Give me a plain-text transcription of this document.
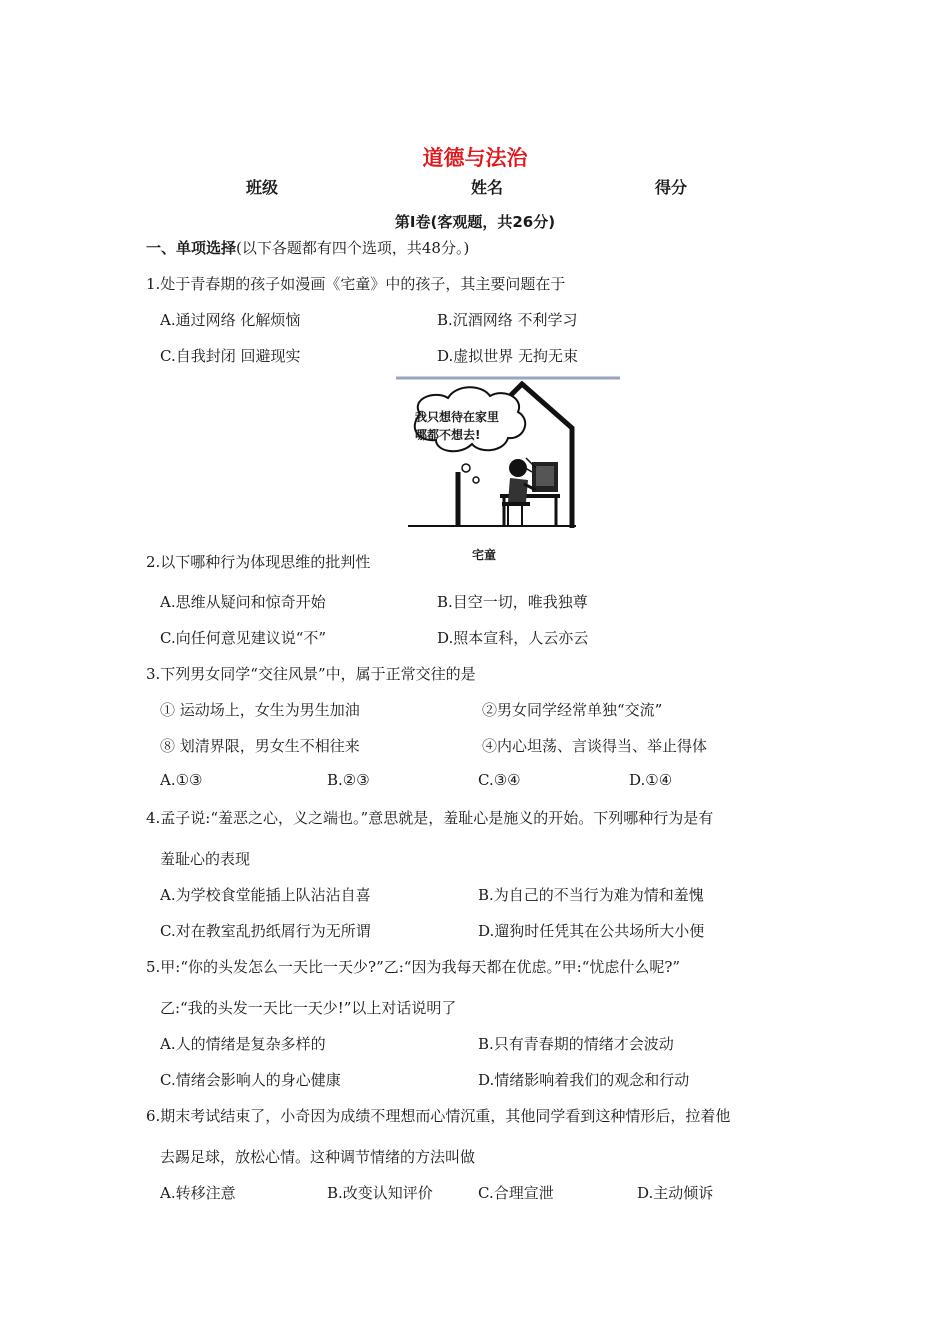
道德与法治
班级	姓名	得分
第Ⅰ卷(客观题，共26分)
一、单项选择(以下各题都有四个选项，共48分。)
1.处于青春期的孩子如漫画《宅童》中的孩子，其主要问题在于
A.通过网络 化解烦恼	B.沉酒网络 不利学习
C.自我封闭 回避现实	D.虚拟世界 无拘无束
我只想待在家里
哪都不想去!
宅童
2.以下哪种行为体现思维的批判性
A.思维从疑问和惊奇开始	B.目空一切，唯我独尊
C.向任何意见建议说“不”	D.照本宣科，人云亦云
3.下列男女同学“交往风景”中，属于正常交往的是
① 运动场上，女生为男生加油	②男女同学经常单独“交流”
⑧ 划清界限，男女生不相往来	④内心坦荡、言谈得当、举止得体
A.①③	B.②③	C.③④	D.①④
4.孟子说:“羞恶之心，义之端也。”意思就是，羞耻心是施义的开始。下列哪种行为是有
羞耻心的表现
A.为学校食堂能插上队沾沾自喜	B.为自己的不当行为难为情和羞愧
C.对在教室乱扔纸屑行为无所谓	D.遛狗时任凭其在公共场所大小便
5.甲:“你的头发怎么一天比一天少?”乙:“因为我每天都在优虑。”甲:“忧虑什么呢?”
乙:“我的头发一天比一天少!”以上对话说明了
A.人的情绪是复杂多样的	B.只有青春期的情绪才会波动
C.情绪会影响人的身心健康	D.情绪影响着我们的观念和行动
6.期末考试结束了，小奇因为成绩不理想而心情沉重，其他同学看到这种情形后，拉着他
去踢足球，放松心情。这种调节情绪的方法叫做
A.转移注意	B.改变认知评价	C.合理宣泄	D.主动倾诉
